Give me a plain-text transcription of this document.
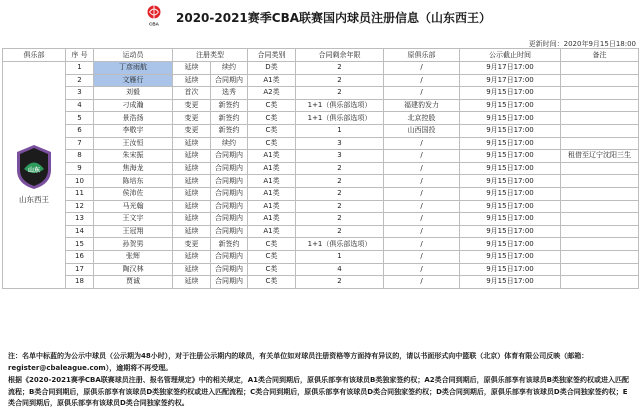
CBA 2020-2021赛季CBA联赛国内球员注册信息（山东西王）
更新时间：2020年9月15日18:00
俱乐部	序 号	运动员	注册类型		合同类别	合同剩余年限	原俱乐部	公示截止时间	备注

山东
山东西王	1	丁彦雨航	延续	续约	D类	2	/	9月17日17:00	
	2	文雁行	延续	合同期内	A1类	2	/	9月17日17:00	
	3	刘毅	首次	选秀	A2类	2	/	9月15日17:00	
	4	刁成瀚	变更	新签约	C类	1+1（俱乐部选项）	福建豹发力	9月15日17:00	
	5	景浩扬	变更	新签约	C类	1+1（俱乐部选项）	北京控股	9月15日17:00	
	6	李敬宇	变更	新签约	C类	1	山西国投	9月15日17:00	
	7	王汝恒	延续	续约	C类	3	/	9月15日17:00	
	8	朱宋振	延续	合同期内	A1类	3	/	9月15日17:00	租借至辽宁沈阳三生
	9	焦海龙	延续	合同期内	A1类	2	/	9月15日17:00	
	10	陈培东	延续	合同期内	A1类	2	/	9月15日17:00	
	11	侯沛佐	延续	合同期内	A1类	2	/	9月15日17:00	
	12	马光翰	延续	合同期内	A1类	2	/	9月15日17:00	
	13	王文宇	延续	合同期内	A1类	2	/	9月15日17:00	
	14	王冠翔	延续	合同期内	A1类	2	/	9月15日17:00	
	15	孙贺男	变更	新签约	C类	1+1（俱乐部选项）	/	9月15日17:00	
	16	张辉	延续	合同期内	C类	1	/	9月15日17:00	
	17	陶汉林	延续	合同期内	C类	4	/	9月15日17:00	
	18	贾诚	延续	合同期内	C类	2	/	9月15日17:00	

注：名单中标蓝的为公示中球员（公示期为48小时），对于注册公示期内的球员，有关单位如对球员注册资格等方面持有异议的，请以书面形式向中篮联（北京）体育有限公司反映（邮箱：register@cbaleague.com），逾期将不再受理。

根据《2020-2021赛季CBA联赛球员注册、报名管理规定》中的相关规定，A1类合同到期后，原俱乐部享有该球员B类独家签约权；A2类合同到期后，原俱乐部享有该球员B类独家签约权或进入匹配流程；B类合同到期后，原俱乐部享有该球员D类独家签约权或进入匹配流程；C类合同到期后，原俱乐部享有该球员D类合同独家签约权；D类合同到期后，原俱乐部享有该球员D类合同独家签约权；E类合同到期后，原俱乐部享有该球员D类合同独家签约权。
